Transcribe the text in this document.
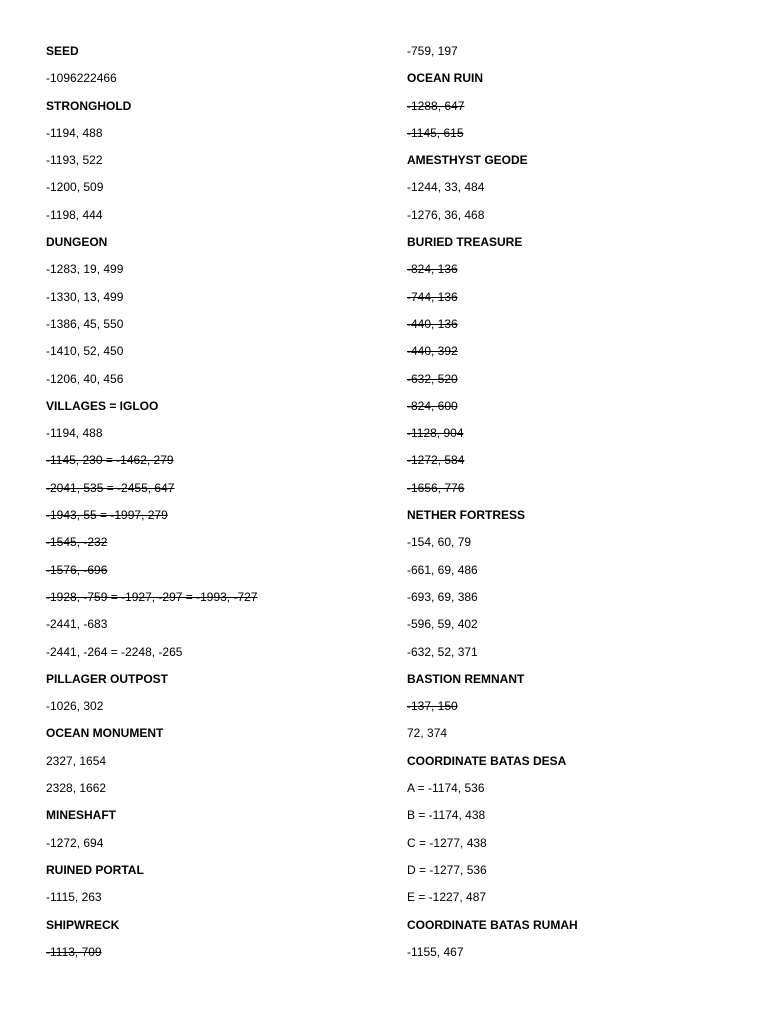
SEED
-1096222466
STRONGHOLD
-1194, 488
-1193, 522
-1200, 509
-1198, 444
DUNGEON
-1283, 19, 499
-1330, 13, 499
-1386, 45, 550
-1410, 52, 450
-1206, 40, 456
VILLAGES = IGLOO
-1194, 488
-1145, 230 = -1462, 279
-2041, 535 = -2455, 647
-1943, 55 = -1997, 279
-1545, -232
-1576, -696
-1928, -759 = -1927, -297 = -1993, -727
-2441, -683
-2441, -264 = -2248, -265
PILLAGER OUTPOST
-1026, 302
OCEAN MONUMENT
2327, 1654
2328, 1662
MINESHAFT
-1272, 694
RUINED PORTAL
-1115, 263
SHIPWRECK
-1113, 709
-759, 197
OCEAN RUIN
-1288, 647
-1145, 615
AMESTHYST GEODE
-1244, 33, 484
-1276, 36, 468
BURIED TREASURE
-824, 136
-744, 136
-440, 136
-440, 392
-632, 520
-824, 600
-1128, 904
-1272, 584
-1656, 776
NETHER FORTRESS
-154, 60, 79
-661, 69, 486
-693, 69, 386
-596, 59, 402
-632, 52, 371
BASTION REMNANT
-137, 150
72, 374
COORDINATE BATAS DESA
A = -1174, 536
B = -1174, 438
C = -1277, 438
D = -1277, 536
E = -1227, 487
COORDINATE BATAS RUMAH
-1155, 467
